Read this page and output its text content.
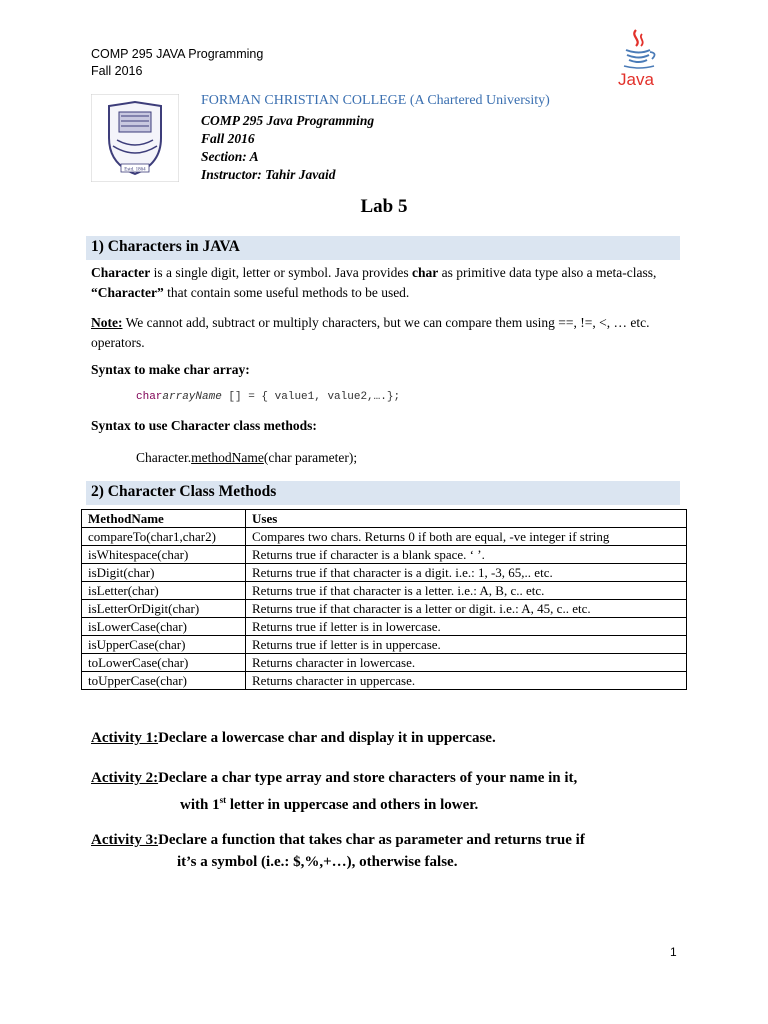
COMP 295 JAVA Programming
Fall 2016	Java
Estd. 1864
FORMAN CHRISTIAN COLLEGE (A Chartered University)
COMP 295 Java Programming
Fall 2016
Section: A
Instructor: Tahir Javaid
Lab 5
1) Characters in JAVA
Character is a single digit, letter or symbol. Java provides char as primitive data type also a meta-class, “Character” that contain some useful methods to be used.
Note: We cannot add, subtract or multiply characters, but we can compare them using ==, !=, <, … etc. operators.
Syntax to make char array:
chararrayName [] = { value1, value2,….};
Syntax to use Character class methods:
Character.methodName(char parameter);
2) Character Class Methods
MethodName	Uses
compareTo(char1,char2)	Compares two chars. Returns 0 if both are equal, -ve integer if string
isWhitespace(char)	Returns true if character is a blank space. ‘ ’.
isDigit(char)	Returns true if that character is a digit. i.e.: 1, -3, 65,.. etc.
isLetter(char)	Returns true if that character is a letter. i.e.: A, B, c.. etc.
isLetterOrDigit(char)	Returns true if that character is a letter or digit. i.e.: A, 45, c.. etc.
isLowerCase(char)	Returns true if letter is in lowercase.
isUpperCase(char)	Returns true if letter is in uppercase.
toLowerCase(char)	Returns character in lowercase.
toUpperCase(char)	Returns character in uppercase.
Activity 1:Declare a lowercase char and display it in uppercase.
Activity 2:Declare a char type array and store characters of your name in it,
with 1st letter in uppercase and others in lower.
Activity 3:Declare a function that takes char as parameter and returns true if
it’s a symbol (i.e.: $,%,+…), otherwise false.
1
